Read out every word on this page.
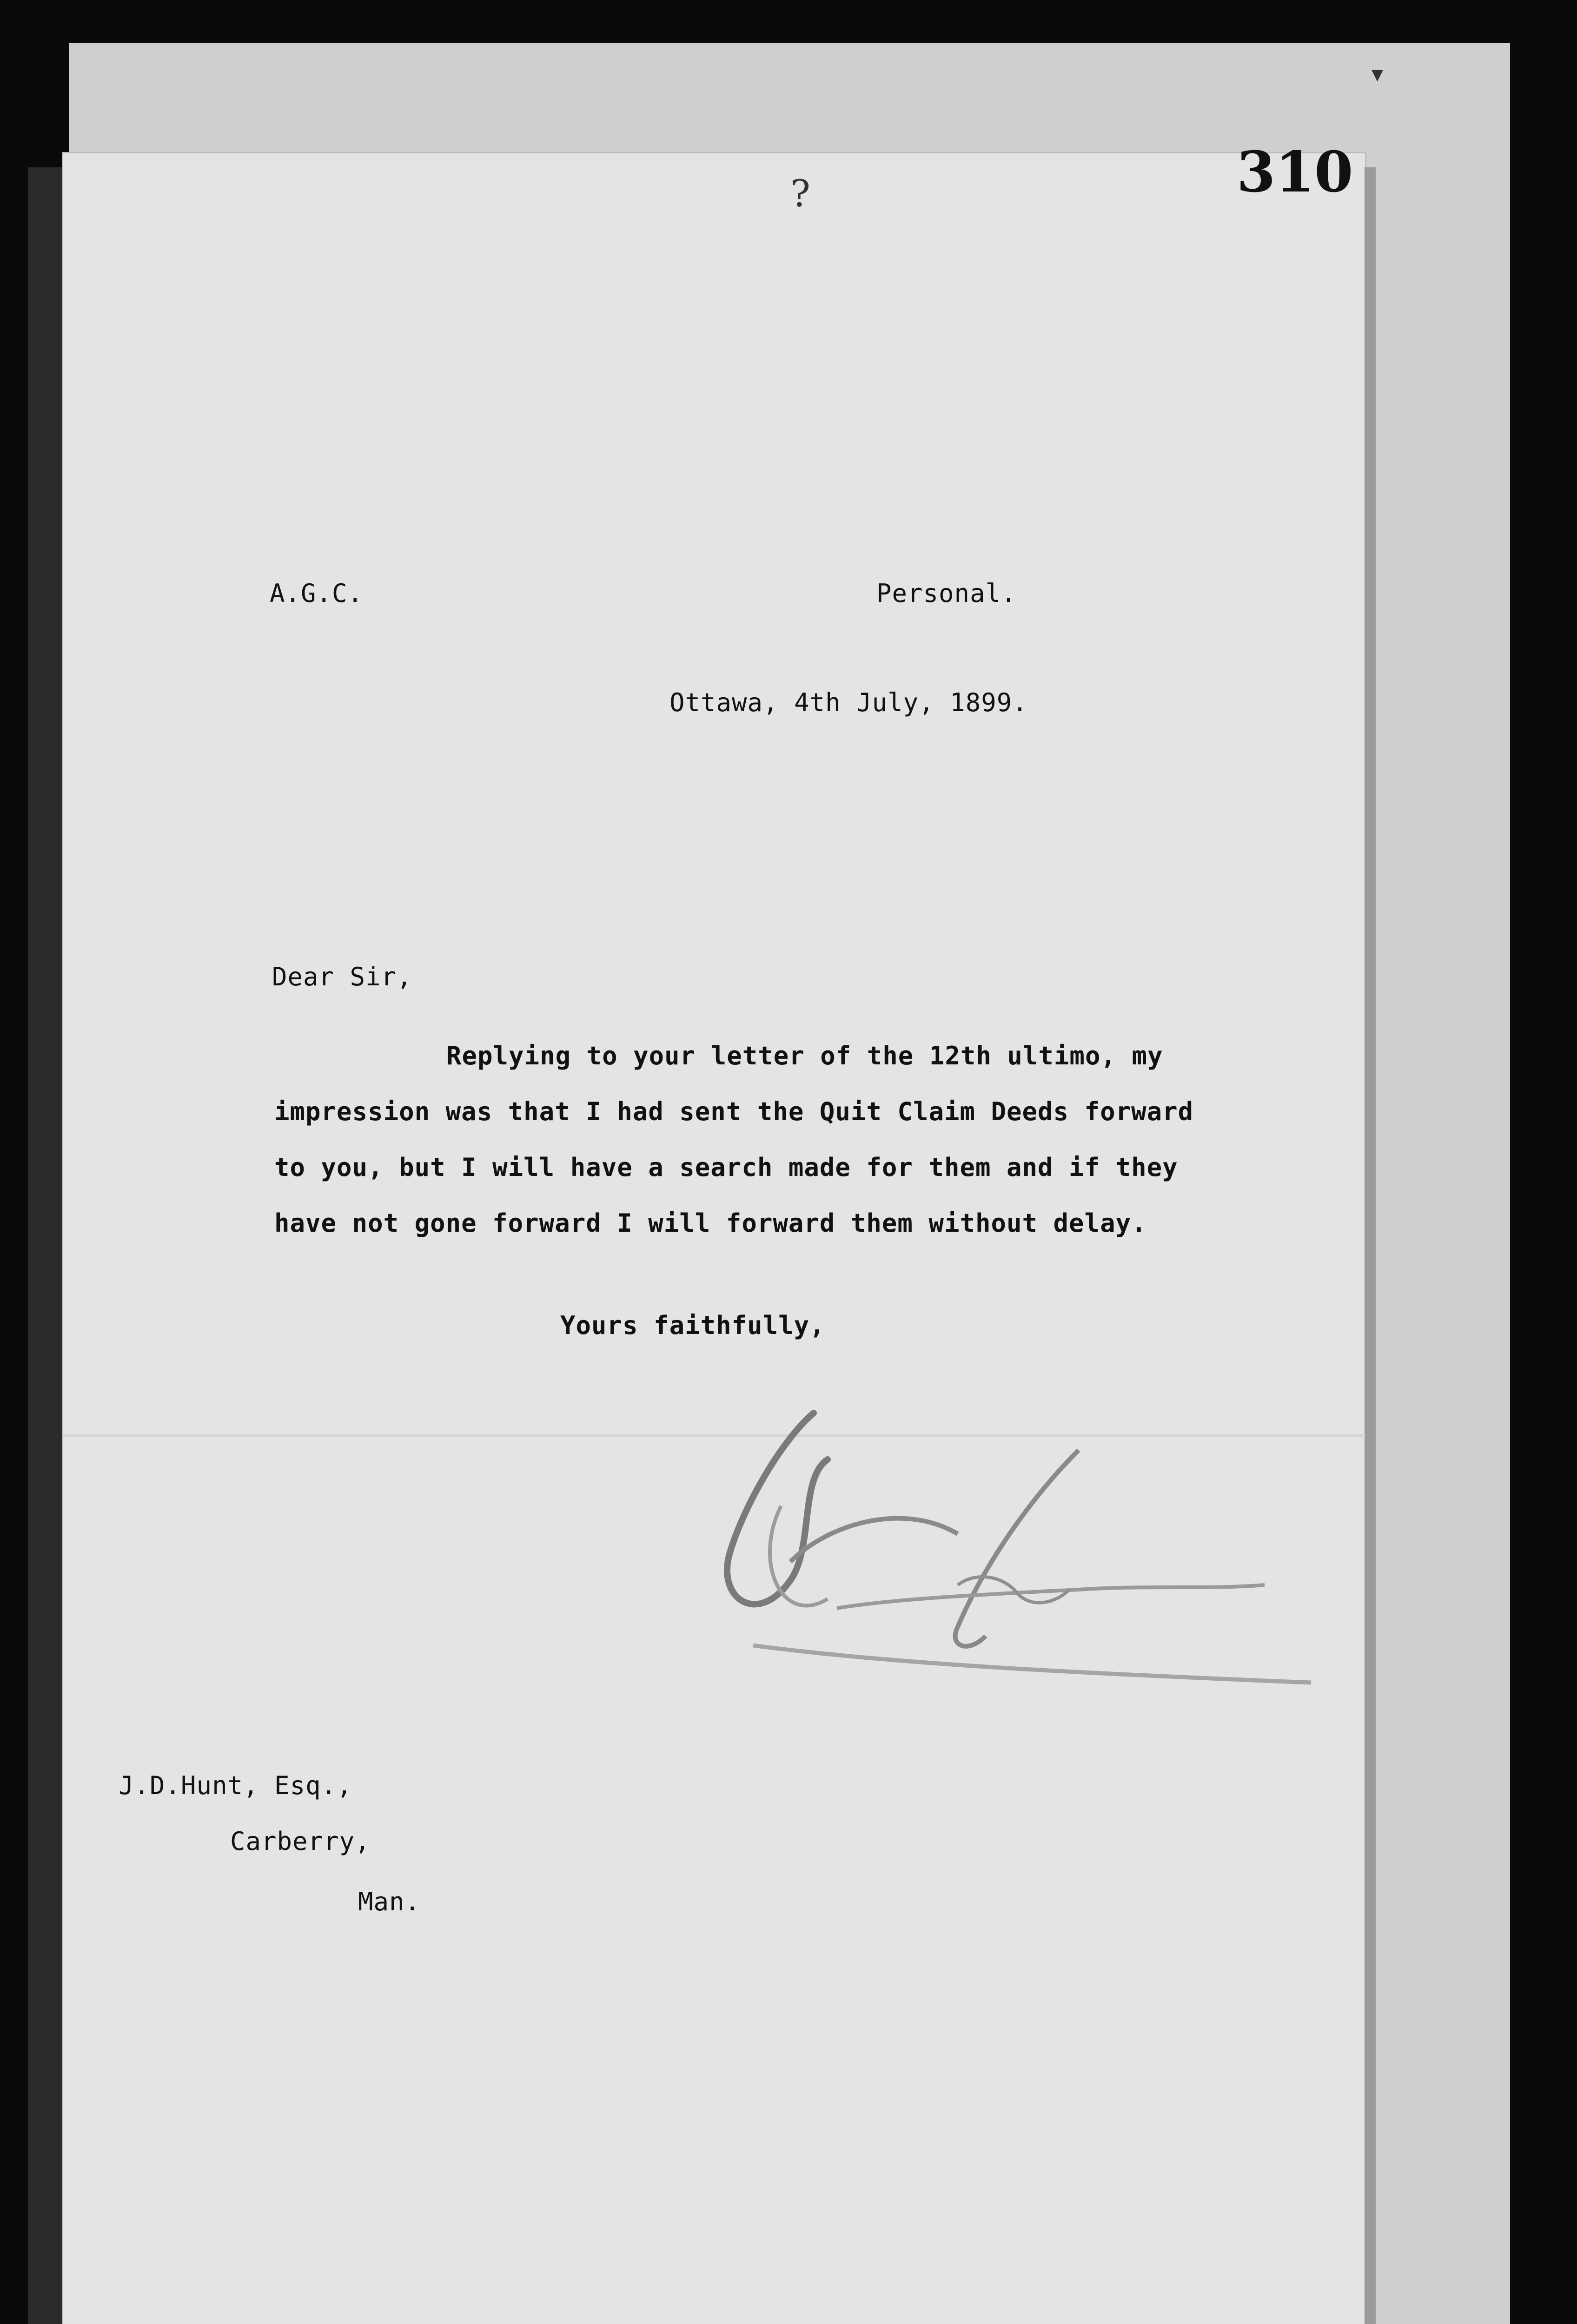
▾
310
?
A.G.C.	Personal.
Ottawa, 4th July, 1899.
Dear Sir,
Replying to your letter of the 12th ultimo, my
impression was that I had sent the Quit Claim Deeds forward
to you, but I will have a search made for them and if they
have not gone forward I will forward them without delay.
Yours faithfully,
J.D.Hunt, Esq.,
Carberry,
Man.
